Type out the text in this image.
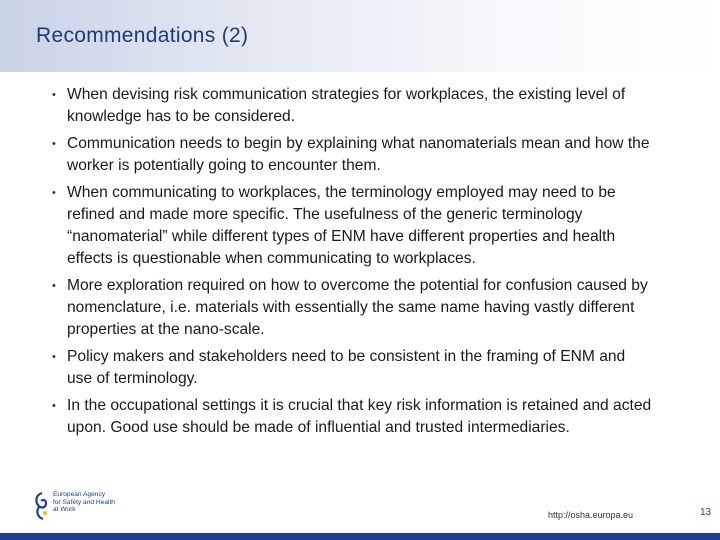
Recommendations (2)
• When devising risk communication strategies for workplaces, the existing level of knowledge has to be considered.
• Communication needs to begin by explaining what nanomaterials mean and how the worker is potentially going to encounter them.
• When communicating to workplaces, the terminology employed may need to be refined and made more specific. The usefulness of the generic terminology “nanomaterial” while different types of ENM have different properties and health effects is questionable when communicating to workplaces.
• More exploration required on how to overcome the potential for confusion caused by nomenclature, i.e. materials with essentially the same name having vastly different properties at the nano-scale.
• Policy makers and stakeholders need to be consistent in the framing of ENM and use of terminology.
• In the occupational settings it is crucial that key risk information is retained and acted upon. Good use should be made of influential and trusted intermediaries.
European Agency
for Safety and Health
at Work
http://osha.europa.eu	13
